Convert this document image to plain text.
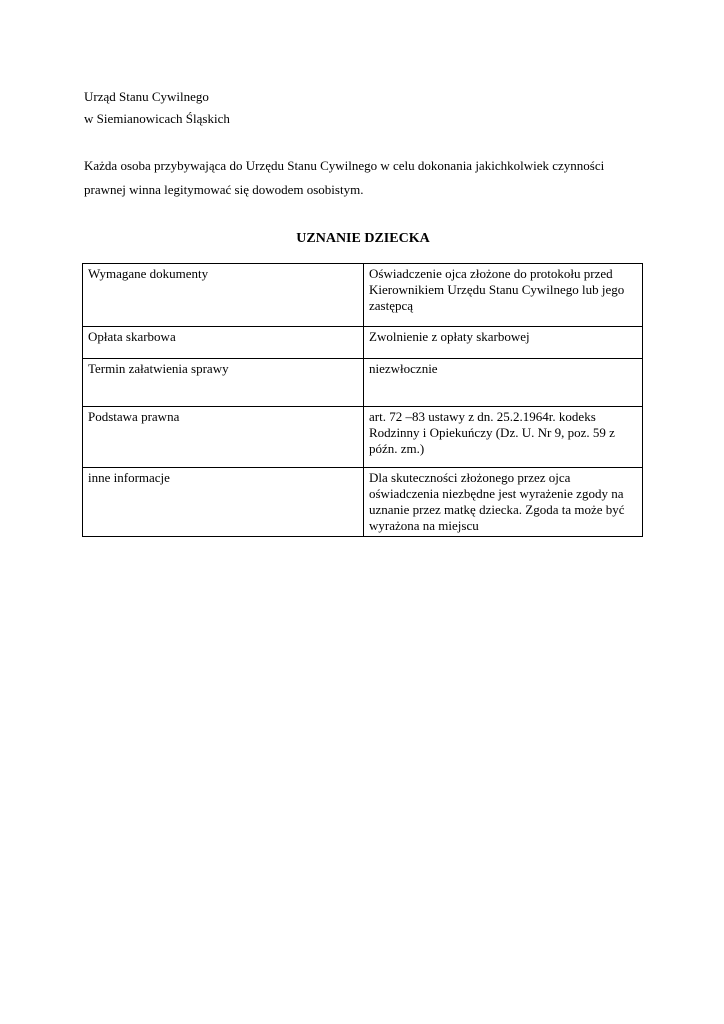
Urząd Stanu Cywilnego
w Siemianowicach Śląskich
Każda osoba przybywająca do Urzędu Stanu Cywilnego w celu dokonania jakichkolwiek czynności
prawnej winna legitymować się dowodem osobistym.
UZNANIE DZIECKA
Wymagane dokumenty	Oświadczenie ojca złożone do protokołu przed
Kierownikiem Urzędu Stanu Cywilnego lub jego
zastępcą

Opłata skarbowa	Zwolnienie z opłaty skarbowej

Termin załatwienia sprawy	niezwłocznie

Podstawa prawna	art. 72 –83 ustawy z dn. 25.2.1964r. kodeks
Rodzinny i Opiekuńczy (Dz. U. Nr 9, poz. 59 z
późn. zm.)

inne informacje	Dla skuteczności złożonego przez ojca
oświadczenia niezbędne jest wyrażenie zgody na
uznanie przez matkę dziecka. Zgoda ta może być
wyrażona na miejscu
